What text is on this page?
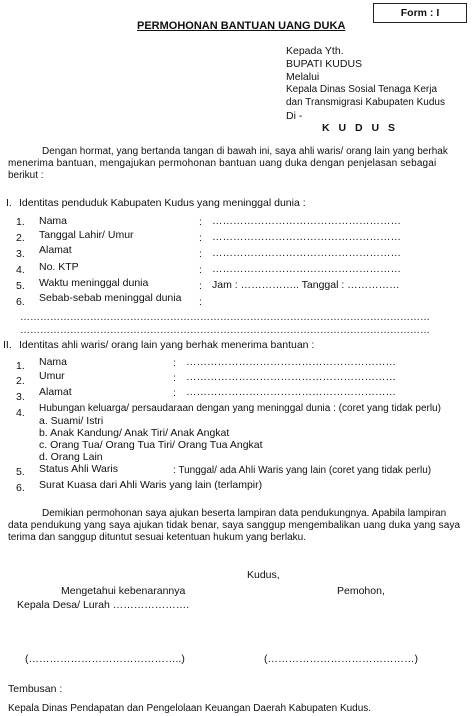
Form : I
PERMOHONAN BANTUAN UANG DUKA
Kepada Yth.
BUPATI KUDUS
Melalui
Kepala Dinas Sosial Tenaga Kerja
dan Transmigrasi Kabupaten Kudus
Di -
K U D U S
Dengan hormat, yang bertanda tangan di bawah ini, saya ahli waris/ orang lain yang berhak
menerima bantuan, mengajukan permohonan bantuan uang duka dengan penjelasan sebagai
berikut :
I. Identitas penduduk Kabupaten Kudus yang meninggal dunia :
1. Nama	: ………………………………………………
2. Tanggal Lahir/ Umur	: ………………………………………………
3. Alamat	: ………………………………………………
4. No. KTP	: ………………………………………………
5. Waktu meninggal dunia	: Jam : …………….. Tanggal : ……………
6. Sebab-sebab meninggal dunia :
……………………………………………………………………………………………………………
……………………………………………………………………………………………………………
II. Identitas ahli waris/ orang lain yang berhak menerima bantuan :
1. Nama	: ……………………………………………………
2. Umur	: ……………………………………………………
3. Alamat	: ……………………………………………………
4. Hubungan keluarga/ persaudaraan dengan yang meninggal dunia : (coret yang tidak perlu)
a. Suami/ Istri
b. Anak Kandung/ Anak Tiri/ Anak Angkat
c. Orang Tua/ Orang Tua Tiri/ Orang Tua Angkat
d. Orang Lain
5. Status Ahli Waris	: Tunggal/ ada Ahli Waris yang lain (coret yang tidak perlu)
6. Surat Kuasa dari Ahli Waris yang lain (terlampir)
Demikian permohonan saya ajukan beserta lampiran data pendukungnya. Apabila lampiran
data pendukung yang saya ajukan tidak benar, saya sanggup mengembalikan uang duka yang saya
terima dan sanggup dituntut sesuai ketentuan hukum yang berlaku.
Kudus,
Mengetahui kebenarannya	Pemohon,
Kepala Desa/ Lurah ………………….
(……………………………………..)	(……………………………………)
Tembusan :
Kepala Dinas Pendapatan dan Pengelolaan Keuangan Daerah Kabupaten Kudus.
